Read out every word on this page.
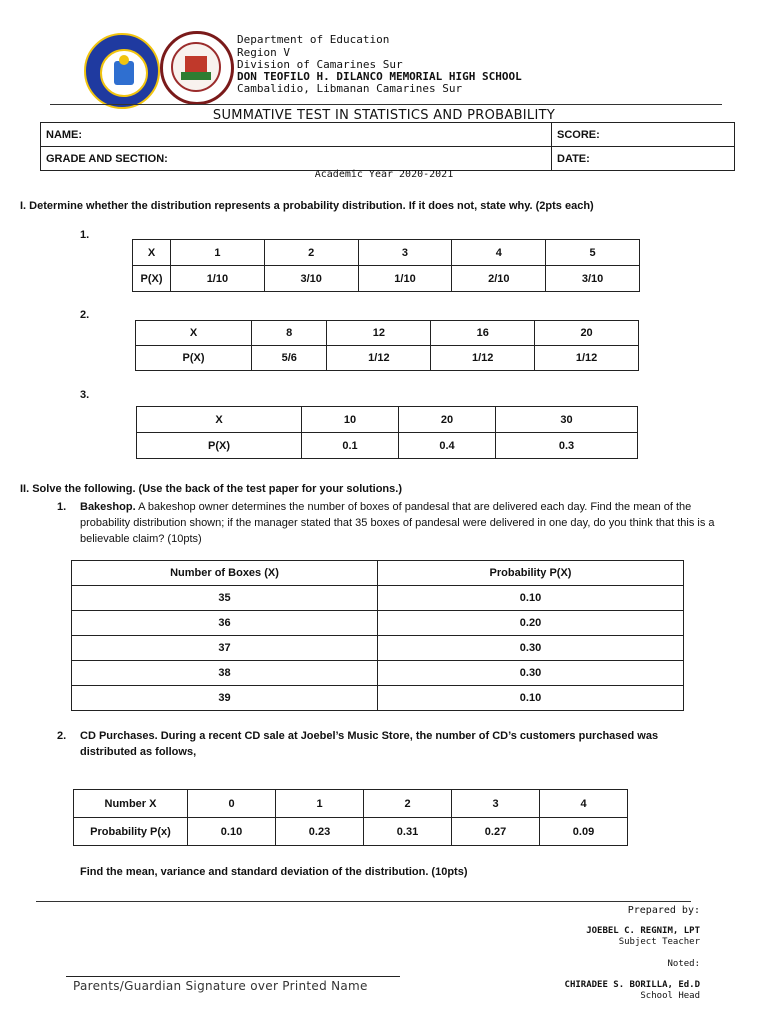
Department of Education
Region V
Division of Camarines Sur
DON TEOFILO H. DILANCO MEMORIAL HIGH SCHOOL
Cambalidio, Libmanan Camarines Sur
SUMMATIVE TEST IN STATISTICS AND PROBABILITY
NAME:	SCORE:
GRADE AND SECTION:	DATE:
Academic Year 2020-2021
I. Determine whether the distribution represents a probability distribution. If it does not, state why. (2pts each)
1.
X	1	2	3	4	5
P(X)	1/10	3/10	1/10	2/10	3/10
2.
X	8	12	16	20
P(X)	5/6	1/12	1/12	1/12
3.
X	10	20	30
P(X)	0.1	0.4	0.3
II. Solve the following. (Use the back of the test paper for your solutions.)
1. Bakeshop. A bakeshop owner determines the number of boxes of pandesal that are delivered each day. Find the mean of the probability distribution shown; if the manager stated that 35 boxes of pandesal were delivered in one day, do you think that this is a believable claim? (10pts)
Number of Boxes (X)	Probability P(X)
35	0.10
36	0.20
37	0.30
38	0.30
39	0.10
2. CD Purchases. During a recent CD sale at Joebel’s Music Store, the number of CD’s customers purchased was distributed as follows,
Number X	0	1	2	3	4
Probability P(x)	0.10	0.23	0.31	0.27	0.09
Find the mean, variance and standard deviation of the distribution. (10pts)
Prepared by:
JOEBEL C. REGNIM, LPT
Subject Teacher
Noted:
CHIRADEE S. BORILLA, Ed.D
School Head
Parents/Guardian Signature over Printed Name
